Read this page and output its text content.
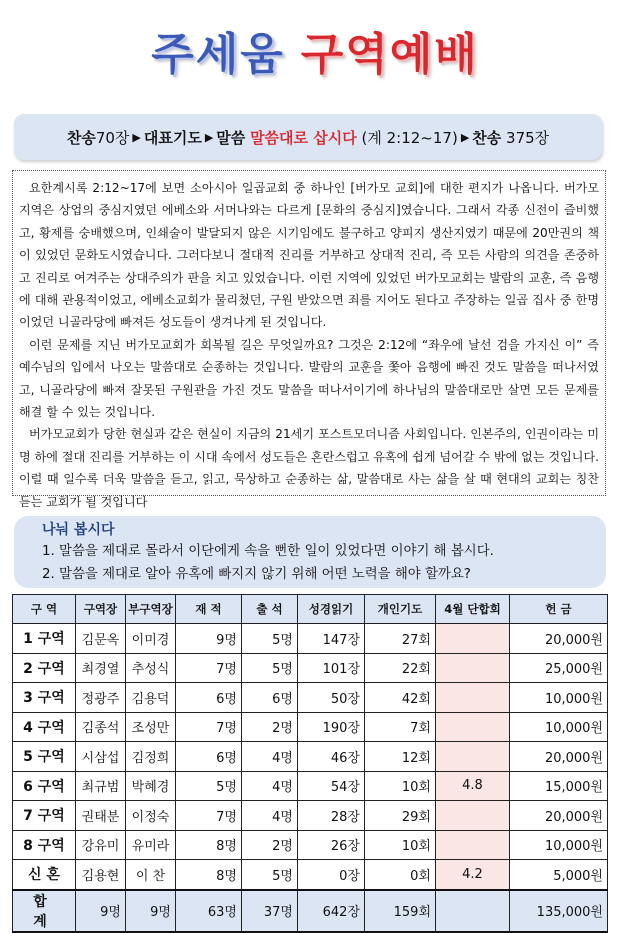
주세움 구역예배
찬송 70장 ▶ 대표기도 ▶ 말씀
말씀대로 삽시다
(계 2:12~17) ▶ 찬송
375장

요한계시록 2:12~17에 보면 소아시아 일곱교회 중 하나인 [버가모 교회]에 대한 편지가 나옵니다. 버가모 지역은 상업의 중심지였던 에베소와 서머나와는 다르게 [문화의 중심지]였습니다. 그래서 각종 신전이 즐비했고, 황제를 숭배했으며, 인쇄술이 발달되지 않은 시기임에도 불구하고 양피지 생산지였기 때문에 20만권의 책이 있었던 문화도시였습니다. 그러다보니 절대적 진리를 거부하고 상대적 진리, 즉 모든 사람의 의견을 존중하고 진리로 여겨주는 상대주의가 판을 치고 있었습니다. 이런 지역에 있었던 버가모교회는 발람의 교훈, 즉 음행에 대해 관용적이었고, 에베소교회가 물리쳤던, 구원 받았으면 죄를 지어도 된다고 주장하는 일곱 집사 중 한명이었던 니골라당에 빠져든 성도들이 생겨나게 된 것입니다.

이런 문제를 지닌 버가모교회가 회복될 길은 무엇일까요? 그것은 2:12에 “좌우에 날선 검을 가지신 이” 즉 예수님의 입에서 나오는 말씀대로 순종하는 것입니다. 발람의 교훈을 쫓아 음행에 빠진 것도 말씀을 떠나서였고, 니골라당에 빠져 잘못된 구원관을 가진 것도 말씀을 떠나서이기에 하나님의 말씀대로만 살면 모든 문제를 해결 할 수 있는 것입니다.

버가모교회가 당한 현실과 같은 현실이 지금의 21세기 포스트모더니즘 사회입니다. 인본주의, 인권이라는 미명 하에 절대 진리를 거부하는 이 시대 속에서 성도들은 혼란스럽고 유혹에 쉽게 넘어갈 수 밖에 없는 것입니다. 이럴 때 일수록 더욱 말씀을 듣고, 읽고, 묵상하고 순종하는 삶, 말씀대로 사는 삶을 살 때 현대의 교회는 칭찬 듣는 교회가 될 것입니다

나눠 봅시다
1. 말씀을 제대로 몰라서 이단에게 속을 뻔한 일이 있었다면 이야기 해 봅시다.
2. 말씀을 제대로 알아 유혹에 빠지지 않기 위해 어떤 노력을 해야 할까요?
구 역	구역장	부구역장	재 적	출 석	성경읽기	개인기도	4월 단합회	헌 금
1 구역	김문옥	이미경	9명	5명	147장	27회		20,000원
2 구역	최경열	추성식	7명	5명	101장	22회		25,000원
3 구역	정광주	김용덕	6명	6명	50장	42회		10,000원
4 구역	김종석	조성만	7명	2명	190장	7회		10,000원
5 구역	시삼섭	김정희	6명	4명	46장	12회		20,000원
6 구역	최규범	박혜경	5명	4명	54장	10회	4.8	15,000원
7 구역	권태분	이정숙	7명	4명	28장	29회		20,000원
8 구역	강유미	유미라	8명	2명	26장	10회		10,000원
신 혼	김용현	이 찬	8명	5명	0장	0회	4.2	5,000원
합 계	9명	9명	63명	37명	642장	159회		135,000원
